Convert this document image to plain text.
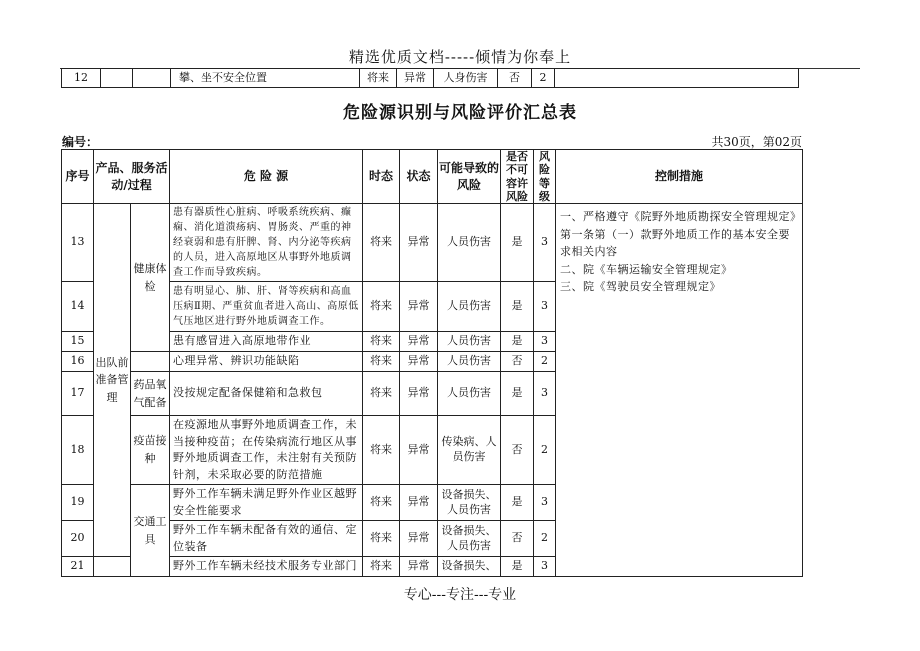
精选优质文档-----倾情为你奉上
12			攀、坐不安全位置	将来	异常	人身伤害	否	2	
危险源识别与风险评价汇总表
编号：	共30页，第02页
序号	产品、服务活动/过程		危 险 源	时态	状态	可能导致的风险	是否不可容许风险	风险等级	控制措施
13	出队前准备管理	健康体检	患有器质性心脏病、呼吸系统疾病、癫痫、消化道溃疡病、胃肠炎、严重的神经衰弱和患有肝脾、肾、内分泌等疾病的人员，进入高原地区从事野外地质调查工作而导致疾病。	将来	异常	人员伤害	是	3	一、严格遵守《院野外地质勘探安全管理规定》第一条第（一）款野外地质工作的基本安全要求相关内容
二、院《车辆运输安全管理规定》
三、院《驾驶员安全管理规定》
14			患有明显心、肺、肝、肾等疾病和高血压病Ⅱ期、严重贫血者进入高山、高原低气压地区进行野外地质调查工作。	将来	异常	人员伤害	是	3	
15			患有感冒进入高原地带作业	将来	异常	人员伤害	是	3	
16			心理异常、辨识功能缺陷	将来	异常	人员伤害	否	2	
17		药品氧气配备	没按规定配备保健箱和急救包	将来	异常	人员伤害	是	3	
18		疫苗接种	在疫源地从事野外地质调查工作，未当接种疫苗；在传染病流行地区从事野外地质调查工作，未注射有关预防针剂，未采取必要的防范措施	将来	异常	传染病、人员伤害	否	2	
19		交通工具	野外工作车辆未满足野外作业区越野安全性能要求	将来	异常	设备损失、人员伤害	是	3	
20			野外工作车辆未配备有效的通信、定位装备	将来	异常	设备损失、人员伤害	否	2	
21			野外工作车辆未经技术服务专业部门	将来	异常	设备损失、	是	3	
专心---专注---专业
